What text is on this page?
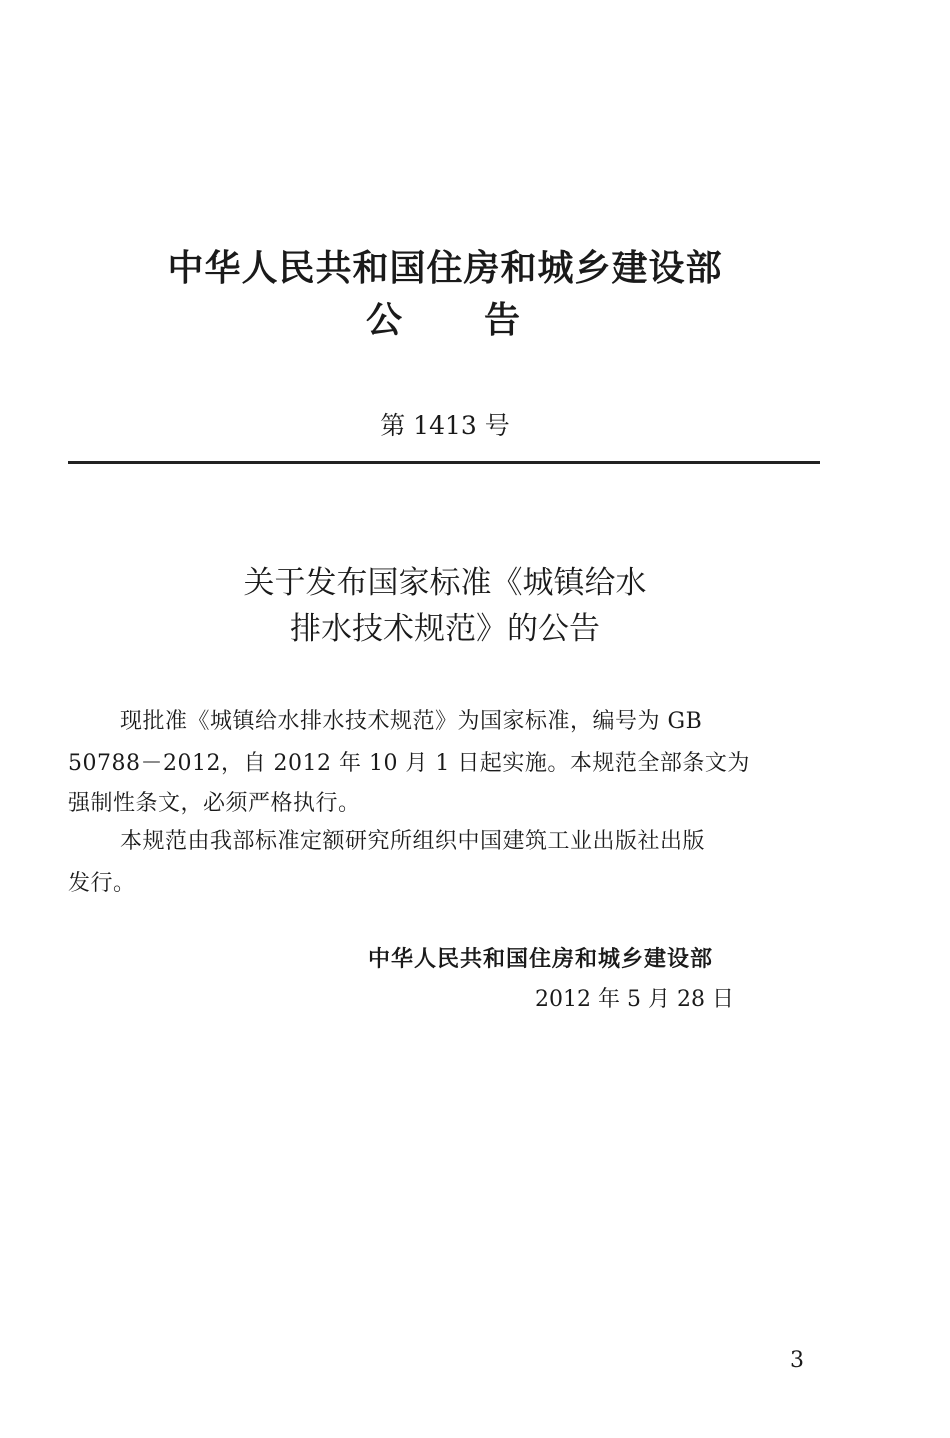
中华人民共和国住房和城乡建设部
公 告
第 1413 号
关于发布国家标准《城镇给水
排水技术规范》的公告
现批准《城镇给水排水技术规范》为国家标准，编号为 GB
50788－2012，自 2012 年 10 月 1 日起实施。本规范全部条文为
强制性条文，必须严格执行。
本规范由我部标准定额研究所组织中国建筑工业出版社出版
发行。
中华人民共和国住房和城乡建设部
2012 年 5 月 28 日
3
